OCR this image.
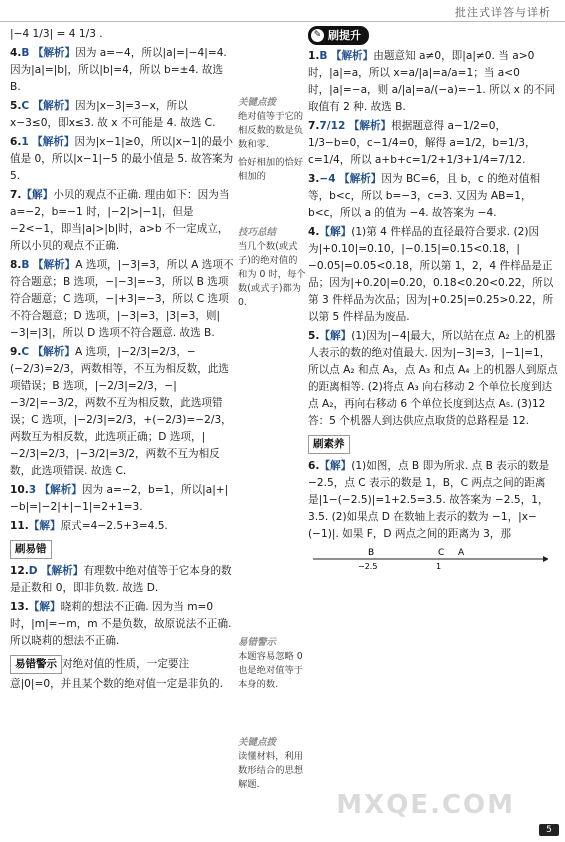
批注式详答与详析
|−4 1/3| = 4 1/3 .
4.B 【解析】因为 a=−4，所以|a|=|−4|=4. 因为|a|=|b|，所以|b|=4，所以 b=±4. 故选 B.
5.C 【解析】因为|x−3|=3−x，所以 x−3≤0，即x≤3. 故 x 不可能是 4. 故选 C.
6.1 【解析】因为|x−1|≥0，所以|x−1|的最小值是 0，所以|x−1|−5 的最小值是 5. 故答案为 5.
7.【解】小贝的观点不正确. 理由如下：因为当 a=−2，b=−1 时，|−2|>|−1|，但是 −2<−1，即当|a|>|b|时，a>b 不一定成立，所以小贝的观点不正确.
8.B 【解析】A 选项，|−3|=3，所以 A 选项不符合题意；B 选项，−|−3|=−3，所以 B 选项符合题意；C 选项，−|+3|=−3，所以 C 选项不符合题意；D 选项，|−3|=3，|3|=3，则|−3|=|3|，所以 D 选项不符合题意. 故选 B.
9.C 【解析】A 选项，|−2/3|=2/3，−(−2/3)=2/3，两数相等，不互为相反数，此选项错误；B 选项，|−2/3|=2/3，−|−3/2|=−3/2，两数不互为相反数，此选项错误；C 选项，|−2/3|=2/3，+(−2/3)=−2/3，两数互为相反数，此选项正确；D 选项，|−2/3|=2/3，|−3/2|=3/2，两数不互为相反数，此选项错误. 故选 C.
10.3 【解析】因为 a=−2，b=1，所以|a|+|−b|=|−2|+|−1|=2+1=3.
11.【解】原式=4−2.5+3=4.5.
刷易错
12.D 【解析】有理数中绝对值等于它本身的数是正数和 0，即非负数. 故选 D.
13.【解】晓莉的想法不正确. 因为当 m=0 时，|m|=−m，m 不是负数，故原说法不正确. 所以晓莉的想法不正确.
易错警示 对绝对值的性质，一定要注意|0|=0，并且某个数的绝对值一定是非负的.
关键点拨
绝对值等于它的相反数的数是负数和零.
恰好相加的恰好相加的
技巧总结
当几个数(或式子)的绝对值的和为 0 时，每个数(或式子)都为 0.
易错警示
本题容易忽略 0 也是绝对值等于本身的数.
关键点拨
读懂材料，利用数形结合的思想解题.
✎ 刷提升
1.B 【解析】由题意知 a≠0，即|a|≠0. 当 a>0 时，|a|=a，所以 x=a/|a|=a/a=1；当 a<0 时，|a|=−a，则 a/|a|=a/(−a)=−1. 所以 x 的不同取值有 2 种. 故选 B.
7.7/12 【解析】根据题意得 a−1/2=0，1/3−b=0，c−1/4=0，解得 a=1/2，b=1/3，c=1/4，所以 a+b+c=1/2+1/3+1/4=7/12.
3.−4 【解析】因为 BC=6，且 b，c 的绝对值相等，b<c，所以 b=−3，c=3. 又因为 AB=1，b<c，所以 a 的值为 −4. 故答案为 −4.
4.【解】(1)第 4 件样品的直径最符合要求. (2)因为|+0.10|=0.10，|−0.15|=0.15<0.18，|−0.05|=0.05<0.18，所以第 1，2，4 件样品是正品；因为|+0.20|=0.20，0.18<0.20<0.22，所以第 3 件样品为次品；因为|+0.25|=0.25>0.22，所以第 5 件样品为废品.
5.【解】(1)因为|−4|最大，所以站在点 A₂ 上的机器人表示的数的绝对值最大. 因为|−3|=3，|−1|=1，所以点 A₂ 和点 A₃，点 A₃ 和点 A₄ 上的机器人到原点的距离相等. (2)将点 A₃ 向右移动 2 个单位长度到达点 A₂，再向右移动 6 个单位长度到达点 A₅. (3)12 答：5 个机器人到达供应点取货的总路程是 12.
刷素养
6.【解】(1)如图，点 B 即为所求. 点 B 表示的数是 −2.5，点 C 表示的数是 1，B，C 两点之间的距离是|1−(−2.5)|=1+2.5=3.5. 故答案为 −2.5，1，3.5. (2)如果点 D 在数轴上表示的数为 −1，|x−(−1)|. 如果 F，D 两点之间的距离为 3，那
B	C A
−2.5	1
MXQE.COM
5
